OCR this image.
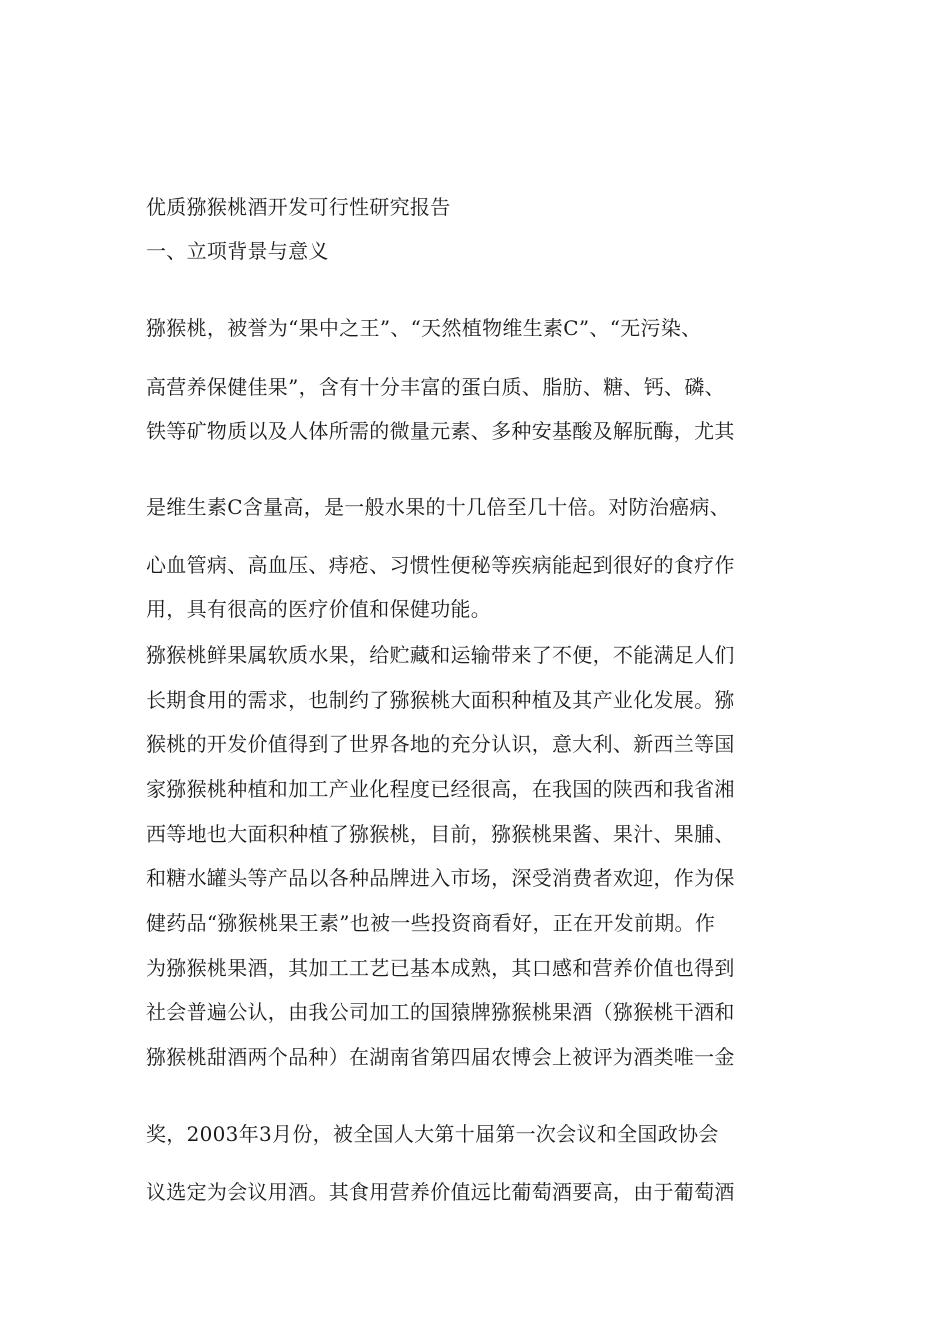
优质猕猴桃酒开发可行性研究报告
一、立项背景与意义
猕猴桃，被誉为“果中之王”、“天然植物维生素C”、“无污染、
高营养保健佳果”，含有十分丰富的蛋白质、脂肪、糖、钙、磷、
铁等矿物质以及人体所需的微量元素、多种安基酸及解朊酶，尤其
是维生素C含量高，是一般水果的十几倍至几十倍。对防治癌病、
心血管病、高血压、痔疮、习惯性便秘等疾病能起到很好的食疗作
用，具有很高的医疗价值和保健功能。
猕猴桃鲜果属软质水果，给贮藏和运输带来了不便，不能满足人们
长期食用的需求，也制约了猕猴桃大面积种植及其产业化发展。猕
猴桃的开发价值得到了世界各地的充分认识，意大利、新西兰等国
家猕猴桃种植和加工产业化程度已经很高，在我国的陕西和我省湘
西等地也大面积种植了猕猴桃，目前，猕猴桃果酱、果汁、果脯、
和糖水罐头等产品以各种品牌进入市场，深受消费者欢迎，作为保
健药品“猕猴桃果王素”也被一些投资商看好，正在开发前期。作
为猕猴桃果酒，其加工工艺已基本成熟，其口感和营养价值也得到
社会普遍公认，由我公司加工的国猿牌猕猴桃果酒（猕猴桃干酒和
猕猴桃甜酒两个品种）在湖南省第四届农博会上被评为酒类唯一金
奖，2003年3月份，被全国人大第十届第一次会议和全国政协会
议选定为会议用酒。其食用营养价值远比葡萄酒要高，由于葡萄酒
